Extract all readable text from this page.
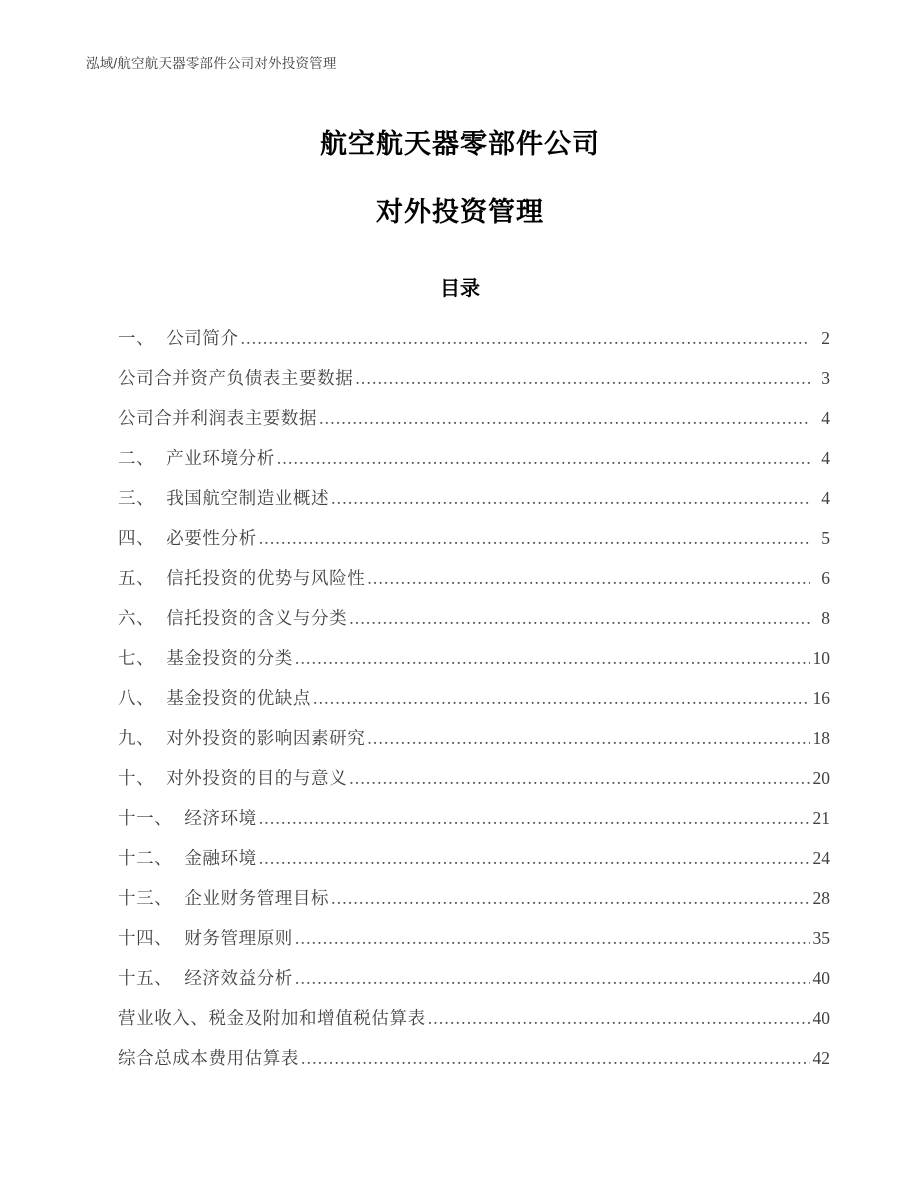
泓域/航空航天器零部件公司对外投资管理
航空航天器零部件公司
对外投资管理
目录
一、 公司简介 .....	2
公司合并资产负债表主要数据 .....	3
公司合并利润表主要数据 .....	4
二、 产业环境分析 .....	4
三、 我国航空制造业概述 .....	4
四、 必要性分析 .....	5
五、 信托投资的优势与风险性 .....	6
六、 信托投资的含义与分类 .....	8
七、 基金投资的分类 .....	10
八、 基金投资的优缺点 .....	16
九、 对外投资的影响因素研究 .....	18
十、 对外投资的目的与意义 .....	20
十一、 经济环境 .....	21
十二、 金融环境 .....	24
十三、 企业财务管理目标 .....	28
十四、 财务管理原则 .....	35
十五、 经济效益分析 .....	40
营业收入、税金及附加和增值税估算表 .....	40
综合总成本费用估算表 .....	42
